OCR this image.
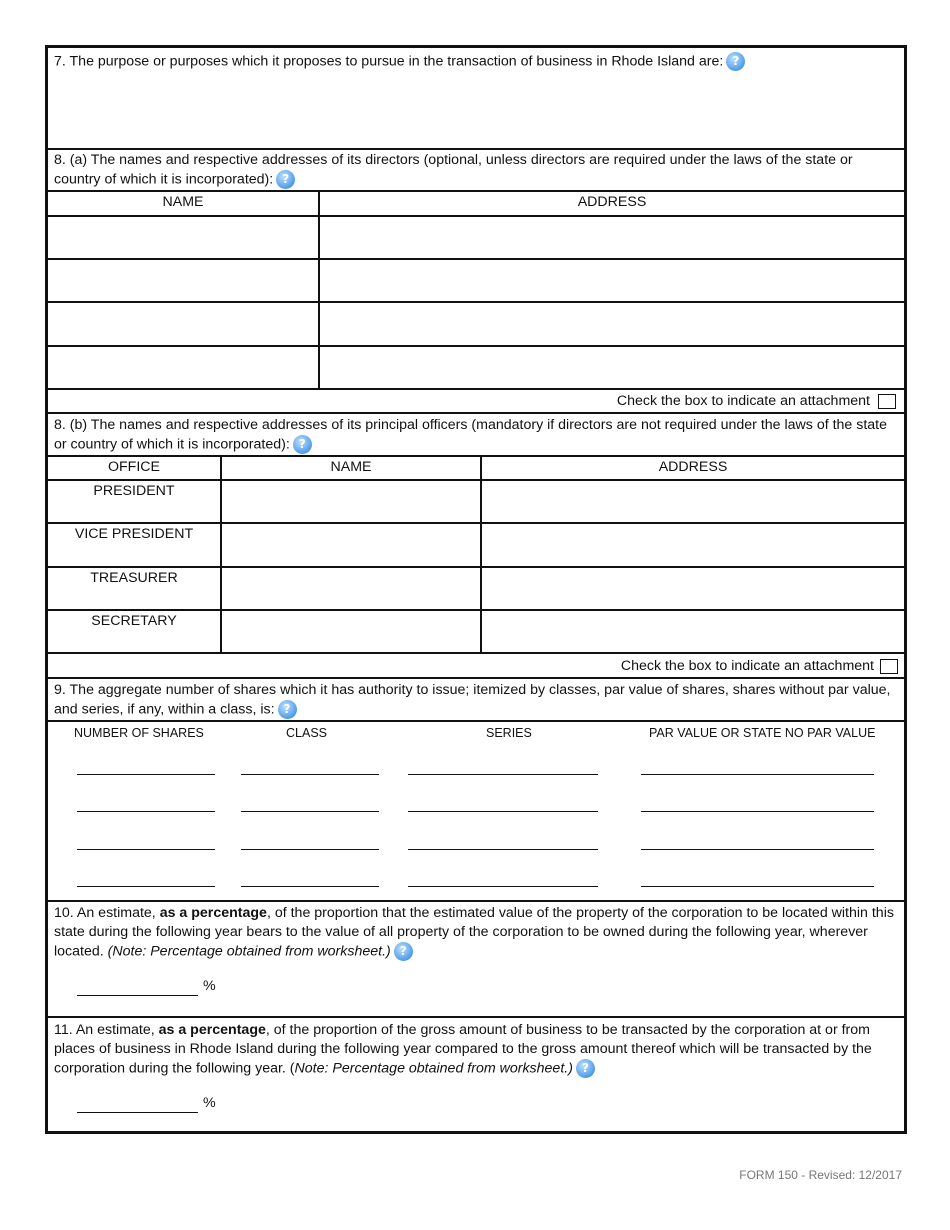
7. The purpose or purposes which it proposes to pursue in the transaction of business in Rhode Island are: ?
8. (a) The names and respective addresses of its directors (optional, unless directors are required under the laws of the state or country of which it is incorporated): ?
NAME	ADDRESS
Check the box to indicate an attachment
8. (b) The names and respective addresses of its principal officers (mandatory if directors are not required under the laws of the state or country of which it is incorporated): ?
OFFICE	NAME	ADDRESS
PRESIDENT
VICE PRESIDENT
TREASURER
SECRETARY
Check the box to indicate an attachment
9. The aggregate number of shares which it has authority to issue; itemized by classes, par value of shares, shares without par value, and series, if any, within a class, is: ?
NUMBER OF SHARES	CLASS	SERIES	PAR VALUE OR STATE NO PAR VALUE
10. An estimate, as a percentage, of the proportion that the estimated value of the property of the corporation to be located within this state during the following year bears to the value of all property of the corporation to be owned during the following year, wherever located. (Note: Percentage obtained from worksheet.) ?
%
11. An estimate, as a percentage, of the proportion of the gross amount of business to be transacted by the corporation at or from places of business in Rhode Island during the following year compared to the gross amount thereof which will be transacted by the corporation during the following year. (Note: Percentage obtained from worksheet.) ?
%
FORM 150 - Revised: 12/2017
